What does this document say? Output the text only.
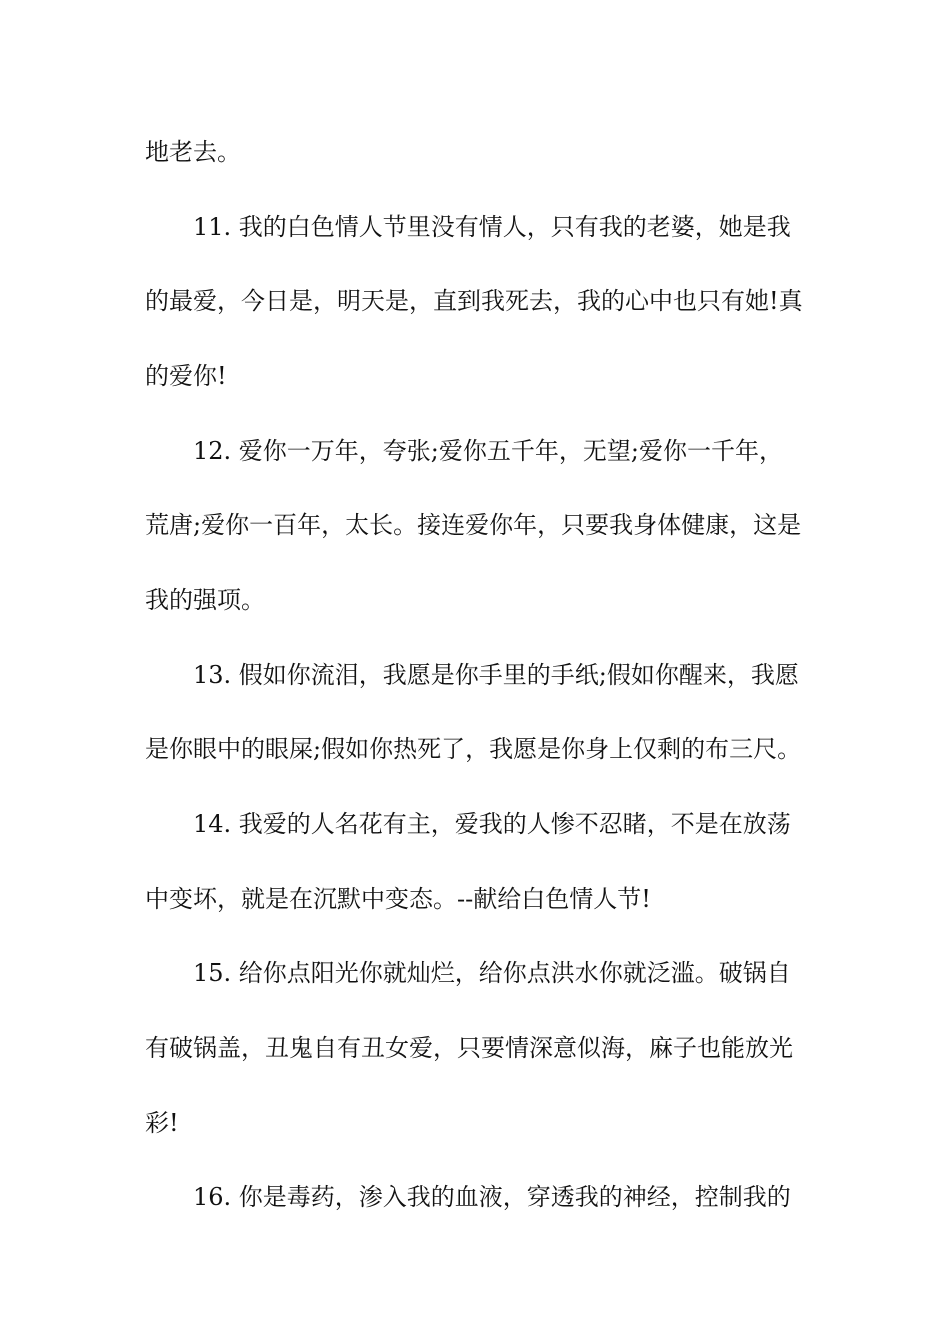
地老去。
11. 我的白色情人节里没有情人，只有我的老婆，她是我
的最爱，今日是，明天是，直到我死去，我的心中也只有她!真
的爱你!
12. 爱你一万年，夸张;爱你五千年，无望;爱你一千年，
荒唐;爱你一百年，太长。接连爱你年，只要我身体健康，这是
我的强项。
13. 假如你流泪，我愿是你手里的手纸;假如你醒来，我愿
是你眼中的眼屎;假如你热死了，我愿是你身上仅剩的布三尺。
14. 我爱的人名花有主，爱我的人惨不忍睹，不是在放荡
中变坏，就是在沉默中变态。--献给白色情人节!
15. 给你点阳光你就灿烂，给你点洪水你就泛滥。破锅自
有破锅盖，丑鬼自有丑女爱，只要情深意似海，麻子也能放光
彩!
16. 你是毒药，渗入我的血液，穿透我的神经，控制我的
